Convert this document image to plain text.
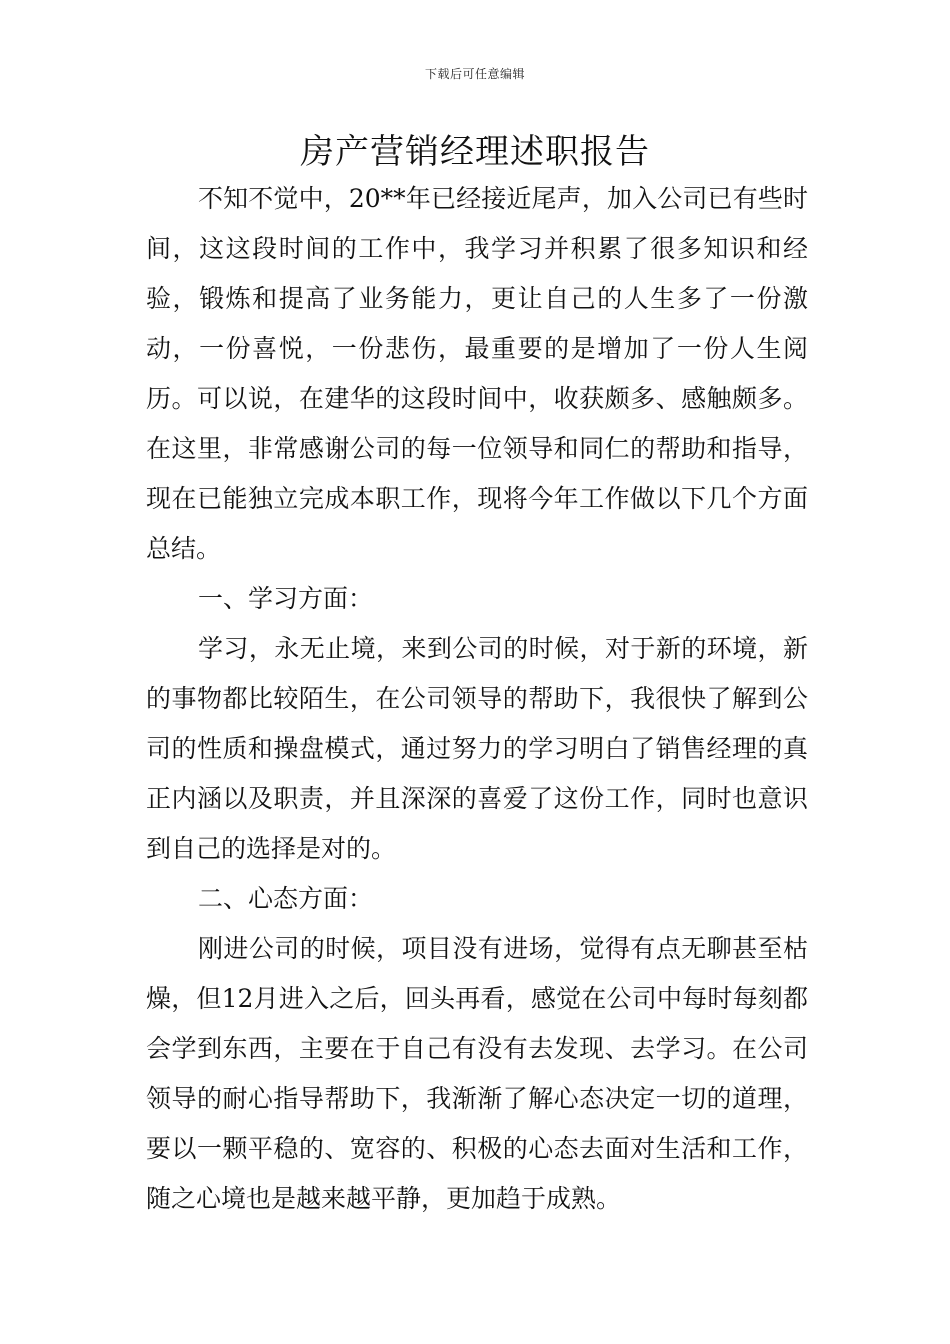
下载后可任意编辑
房产营销经理述职报告

不知不觉中，20**年已经接近尾声，加入公司已有些时间，这这段时间的工作中，我学习并积累了很多知识和经验，锻炼和提高了业务能力，更让自己的人生多了一份激动，一份喜悦，一份悲伤，最重要的是增加了一份人生阅历。可以说，在建华的这段时间中，收获颇多、感触颇多。在这里，非常感谢公司的每一位领导和同仁的帮助和指导，现在已能独立完成本职工作，现将今年工作做以下几个方面总结。

一、学习方面：

学习，永无止境，来到公司的时候，对于新的环境，新的事物都比较陌生，在公司领导的帮助下，我很快了解到公司的性质和操盘模式，通过努力的学习明白了销售经理的真正内涵以及职责，并且深深的喜爱了这份工作，同时也意识到自己的选择是对的。

二、心态方面：

刚进公司的时候，项目没有进场，觉得有点无聊甚至枯燥，但12月进入之后，回头再看，感觉在公司中每时每刻都会学到东西，主要在于自己有没有去发现、去学习。在公司领导的耐心指导帮助下，我渐渐了解心态决定一切的道理，要以一颗平稳的、宽容的、积极的心态去面对生活和工作，随之心境也是越来越平静，更加趋于成熟。
